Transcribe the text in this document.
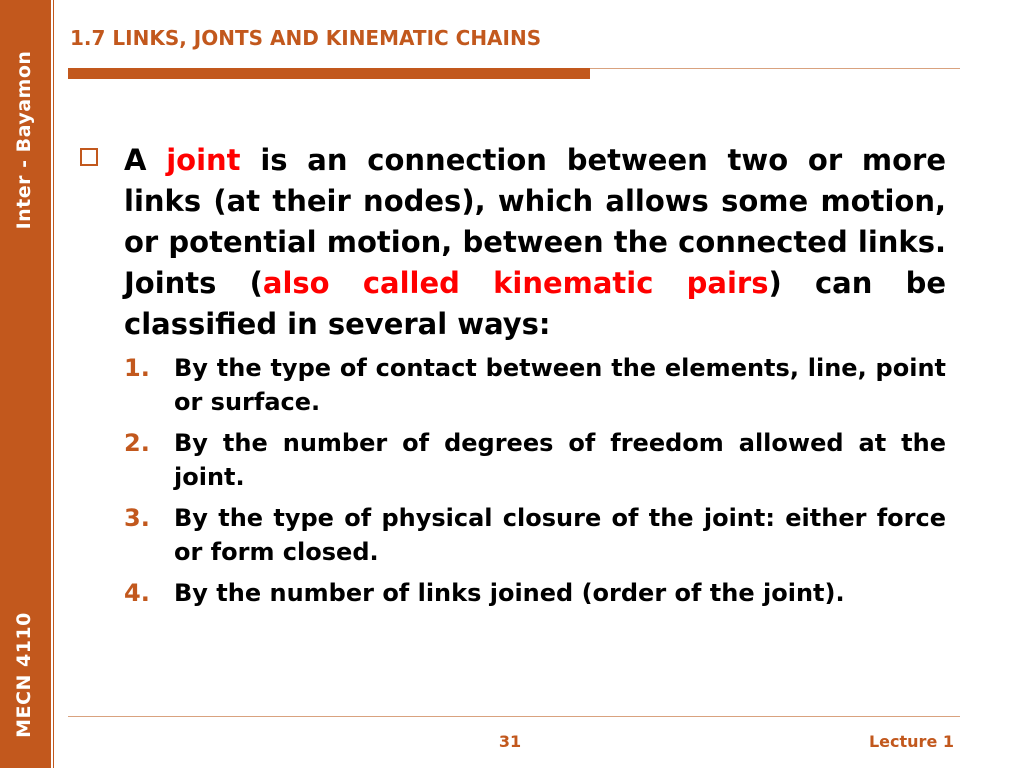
Inter - Bayamon
MECN 4110
1.7 LINKS, JONTS AND KINEMATIC CHAINS
A joint is an connection between two or more links (at their nodes), which allows some motion, or potential motion, between the connected links. Joints (also called kinematic pairs) can be classified in several ways:
1. By the type of contact between the elements, line, point or surface.
2. By the number of degrees of freedom allowed at the joint.
3. By the type of physical closure of the joint: either force or form closed.
4. By the number of links joined (order of the joint).
31	Lecture 1
